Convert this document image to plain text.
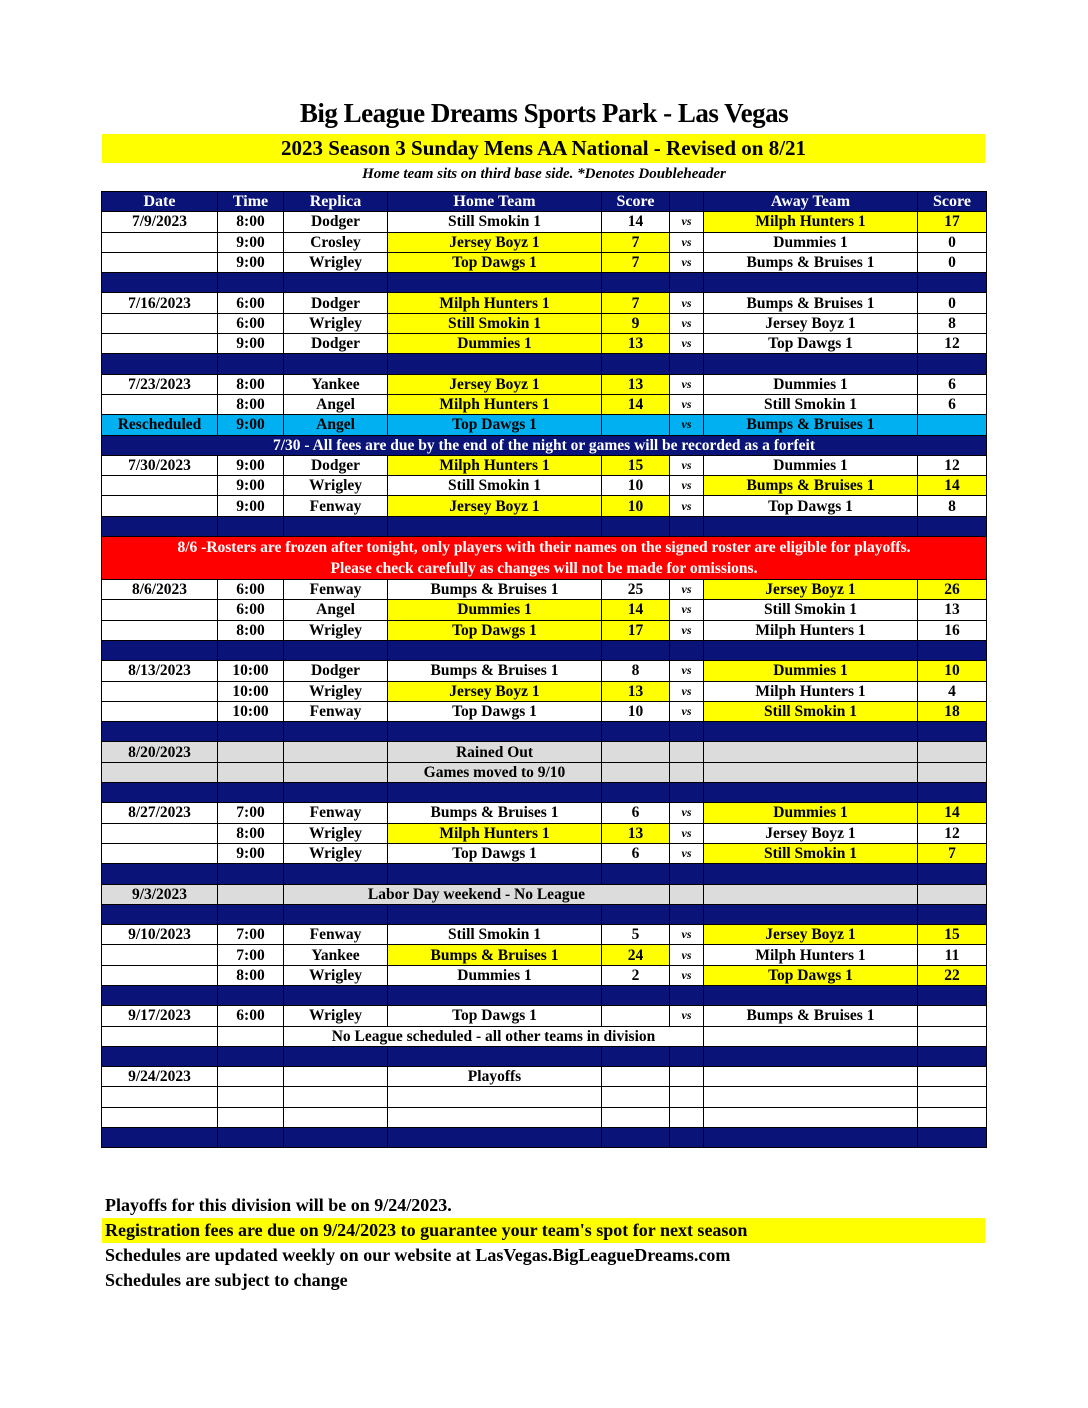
Big League Dreams Sports Park - Las Vegas
2023 Season 3 Sunday Mens AA National - Revised on 8/21
Home team sits on third base side. *Denotes Doubleheader
Date	Time	Replica	Home Team	Score		Away Team	Score
7/9/2023	8:00	Dodger	Still Smokin 1	14	vs	Milph Hunters 1	17
	9:00	Crosley	Jersey Boyz 1	7	vs	Dummies 1	0
	9:00	Wrigley	Top Dawgs 1	7	vs	Bumps & Bruises 1	0

7/16/2023	6:00	Dodger	Milph Hunters 1	7	vs	Bumps & Bruises 1	0
	6:00	Wrigley	Still Smokin 1	9	vs	Jersey Boyz 1	8
	9:00	Dodger	Dummies 1	13	vs	Top Dawgs 1	12

7/23/2023	8:00	Yankee	Jersey Boyz 1	13	vs	Dummies 1	6
	8:00	Angel	Milph Hunters 1	14	vs	Still Smokin 1	6
Rescheduled	9:00	Angel	Top Dawgs 1		vs	Bumps & Bruises 1	
7/30 - All fees are due by the end of the night or games will be recorded as a forfeit							
7/30/2023	9:00	Dodger	Milph Hunters 1	15	vs	Dummies 1	12
	9:00	Wrigley	Still Smokin 1	10	vs	Bumps & Bruises 1	14
	9:00	Fenway	Jersey Boyz 1	10	vs	Top Dawgs 1	8

8/6 -Rosters are frozen after tonight, only players with their names on the signed roster are eligible for playoffs.
Please check carefully as changes will not be made for omissions.							

8/6/2023	6:00	Fenway	Bumps & Bruises 1	25	vs	Jersey Boyz 1	26
	6:00	Angel	Dummies 1	14	vs	Still Smokin 1	13
	8:00	Wrigley	Top Dawgs 1	17	vs	Milph Hunters 1	16

8/13/2023	10:00	Dodger	Bumps & Bruises 1	8	vs	Dummies 1	10
	10:00	Wrigley	Jersey Boyz 1	13	vs	Milph Hunters 1	4
	10:00	Fenway	Top Dawgs 1	10	vs	Still Smokin 1	18

8/20/2023			Rained Out				
			Games moved to 9/10				

8/27/2023	7:00	Fenway	Bumps & Bruises 1	6	vs	Dummies 1	14
	8:00	Wrigley	Milph Hunters 1	13	vs	Jersey Boyz 1	12
	9:00	Wrigley	Top Dawgs 1	6	vs	Still Smokin 1	7

9/3/2023		Labor Day weekend - No League					

9/10/2023	7:00	Fenway	Still Smokin 1	5	vs	Jersey Boyz 1	15
	7:00	Yankee	Bumps & Bruises 1	24	vs	Milph Hunters 1	11
	8:00	Wrigley	Dummies 1	2	vs	Top Dawgs 1	22

9/17/2023	6:00	Wrigley	Top Dawgs 1		vs	Bumps & Bruises 1	
		No League scheduled - all other teams in division					

9/24/2023			Playoffs				

Playoffs for this division will be on 9/24/2023.
Registration fees are due on 9/24/2023 to guarantee your team's spot for next season
Schedules are updated weekly on our website at LasVegas.BigLeagueDreams.com
Schedules are subject to change
